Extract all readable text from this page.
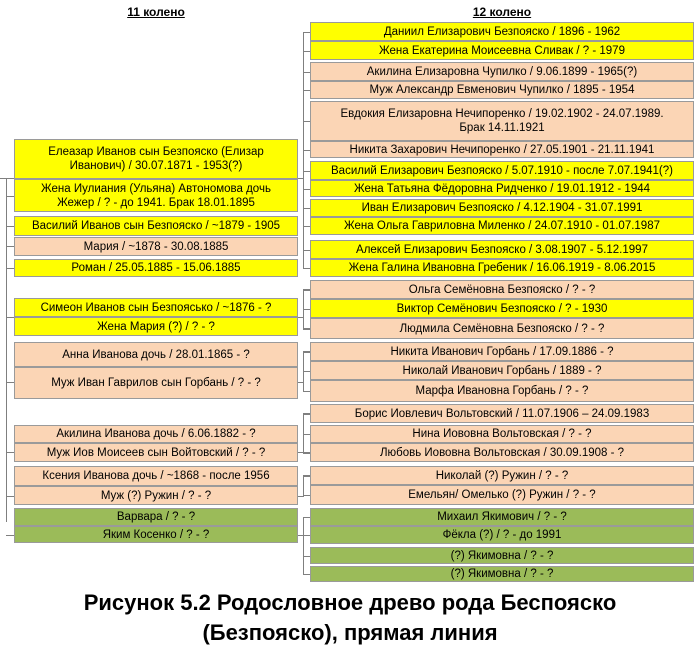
11 колено	12 колено
Елеазар Иванов сын Безпояско (Елизар
Иванович) / 30.07.1871 - 1953(?)
Жена Иулиания (Ульяна) Автономова дочь
Жежер / ? - до 1941. Брак 18.01.1895
Василий Иванов сын Безпояско / ~1879 - 1905
Мария / ~1878 - 30.08.1885
Роман / 25.05.1885 - 15.06.1885
Симеон Иванов сын Безпоясько / ~1876 - ?
Жена Мария (?) / ? - ?
Анна Иванова дочь / 28.01.1865 - ?
Муж Иван Гаврилов сын Горбань / ? - ?
Акилина Иванова дочь / 6.06.1882 - ?
Муж Иов Моисеев сын Войтовский / ? - ?
Ксения Иванова дочь / ~1868 - после 1956
Муж (?) Ружин / ? - ?
Варвара / ? - ?
Яким Косенко / ? - ?
Даниил Елизарович Безпояско / 1896 - 1962
Жена Екатерина Моисеевна Сливак / ? - 1979
Акилина Елизаровна Чупилко / 9.06.1899 - 1965(?)
Муж Александр Евменович Чупилко / 1895 - 1954
Евдокия Елизаровна Нечипоренко / 19.02.1902 - 24.07.1989.
Брак 14.11.1921
Никита Захарович Нечипоренко / 27.05.1901 - 21.11.1941
Василий Елизарович Безпояско / 5.07.1910 - после 7.07.1941(?)
Жена Татьяна Фёдоровна Ридченко / 19.01.1912 - 1944
Иван Елизарович Безпояско / 4.12.1904 - 31.07.1991
Жена Ольга Гавриловна Миленко / 24.07.1910 - 01.07.1987
Алексей Елизарович Безпояско / 3.08.1907 - 5.12.1997
Жена Галина Ивановна Гребеник / 16.06.1919 - 8.06.2015
Ольга Семёновна Безпояско / ? - ?
Виктор Семёнович Безпояско / ? - 1930
Людмила Семёновна Безпояско / ? - ?
Никита Иванович Горбань / 17.09.1886 - ?
Николай Иванович Горбань / 1889 - ?
Марфа Ивановна Горбань / ? - ?
Борис Иовлевич Вольтовский / 11.07.1906 – 24.09.1983
Нина Иововна Вольтовская / ? - ?
Любовь Иововна Вольтовская / 30.09.1908 - ?
Николай (?) Ружин / ? - ?
Емельян/ Омелько (?) Ружин / ? - ?
Михаил Якимович / ? - ?
Фёкла (?) / ? - до 1991
(?) Якимовна / ? - ?
(?) Якимовна / ? - ?
Рисунок 5.2 Родословное древо рода Беспояско
(Безпояско), прямая линия
